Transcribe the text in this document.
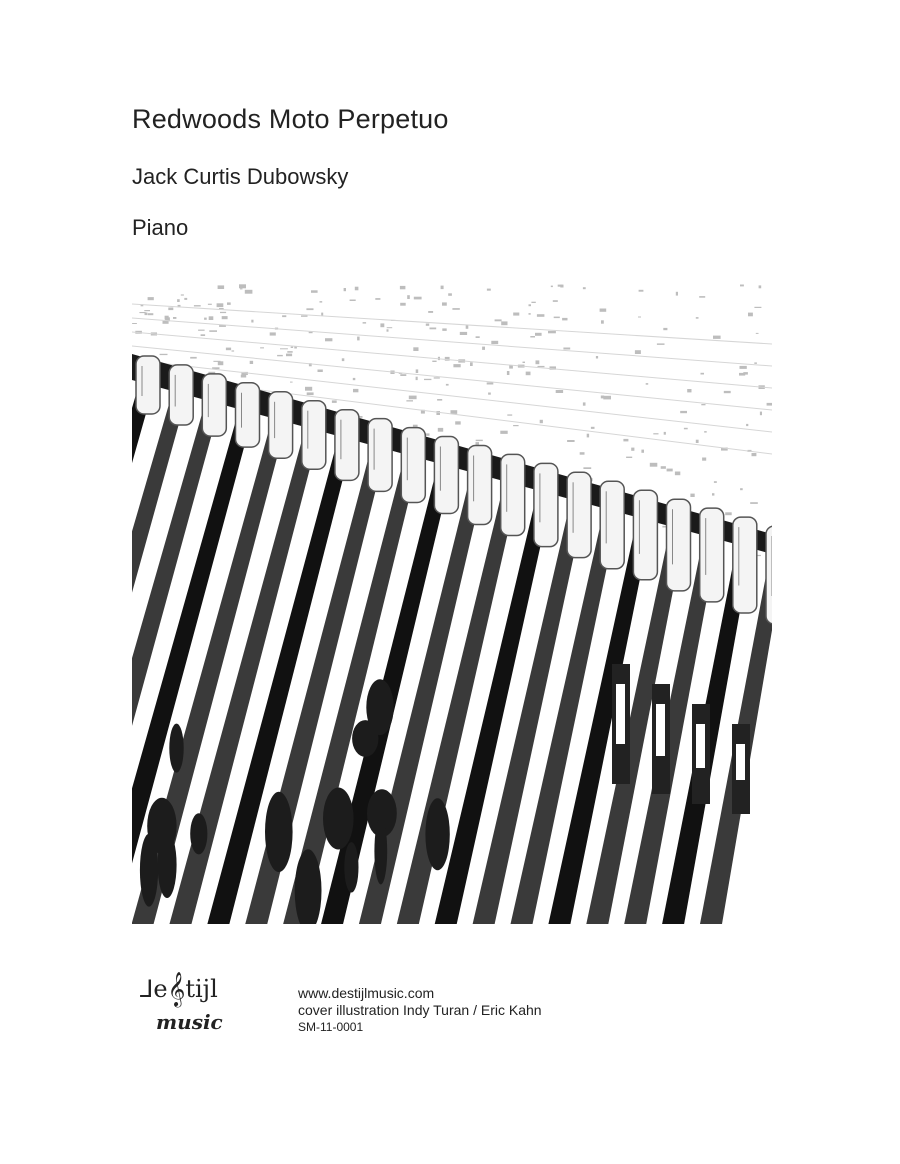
Redwoods Moto Perpetuo
Jack Curtis Dubowsky
Piano
⅃e𝄞tijl
music
www.destijlmusic.com
cover illustration Indy Turan / Eric Kahn
SM-11-0001
